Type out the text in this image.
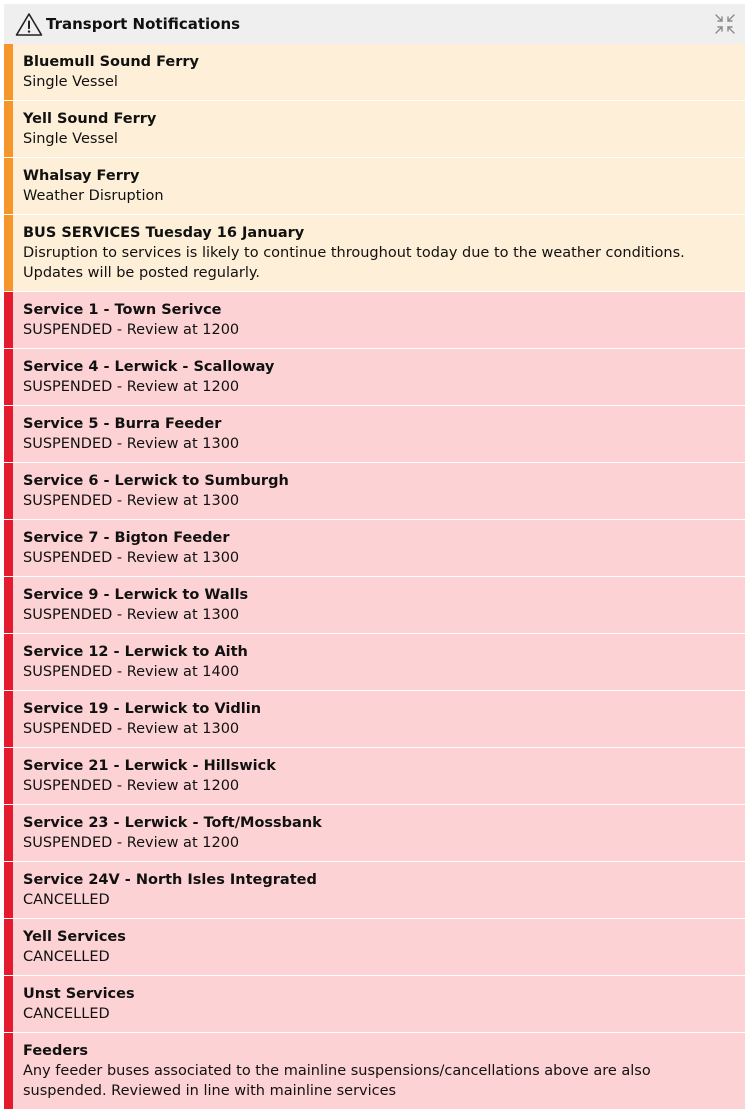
Transport Notifications
Bluemull Sound Ferry
Single Vessel
Yell Sound Ferry
Single Vessel
Whalsay Ferry
Weather Disruption
BUS SERVICES Tuesday 16 January
Disruption to services is likely to continue throughout today due to the weather conditions. Updates will be posted regularly.
Service 1 - Town Serivce
SUSPENDED - Review at 1200
Service 4 - Lerwick - Scalloway
SUSPENDED - Review at 1200
Service 5 - Burra Feeder
SUSPENDED - Review at 1300
Service 6 - Lerwick to Sumburgh
SUSPENDED - Review at 1300
Service 7 - Bigton Feeder
SUSPENDED - Review at 1300
Service 9 - Lerwick to Walls
SUSPENDED - Review at 1300
Service 12 - Lerwick to Aith
SUSPENDED - Review at 1400
Service 19 - Lerwick to Vidlin
SUSPENDED - Review at 1300
Service 21 - Lerwick - Hillswick
SUSPENDED - Review at 1200
Service 23 - Lerwick - Toft/Mossbank
SUSPENDED - Review at 1200
Service 24V - North Isles Integrated
CANCELLED
Yell Services
CANCELLED
Unst Services
CANCELLED
Feeders
Any feeder buses associated to the mainline suspensions/cancellations above are also suspended. Reviewed in line with mainline services
